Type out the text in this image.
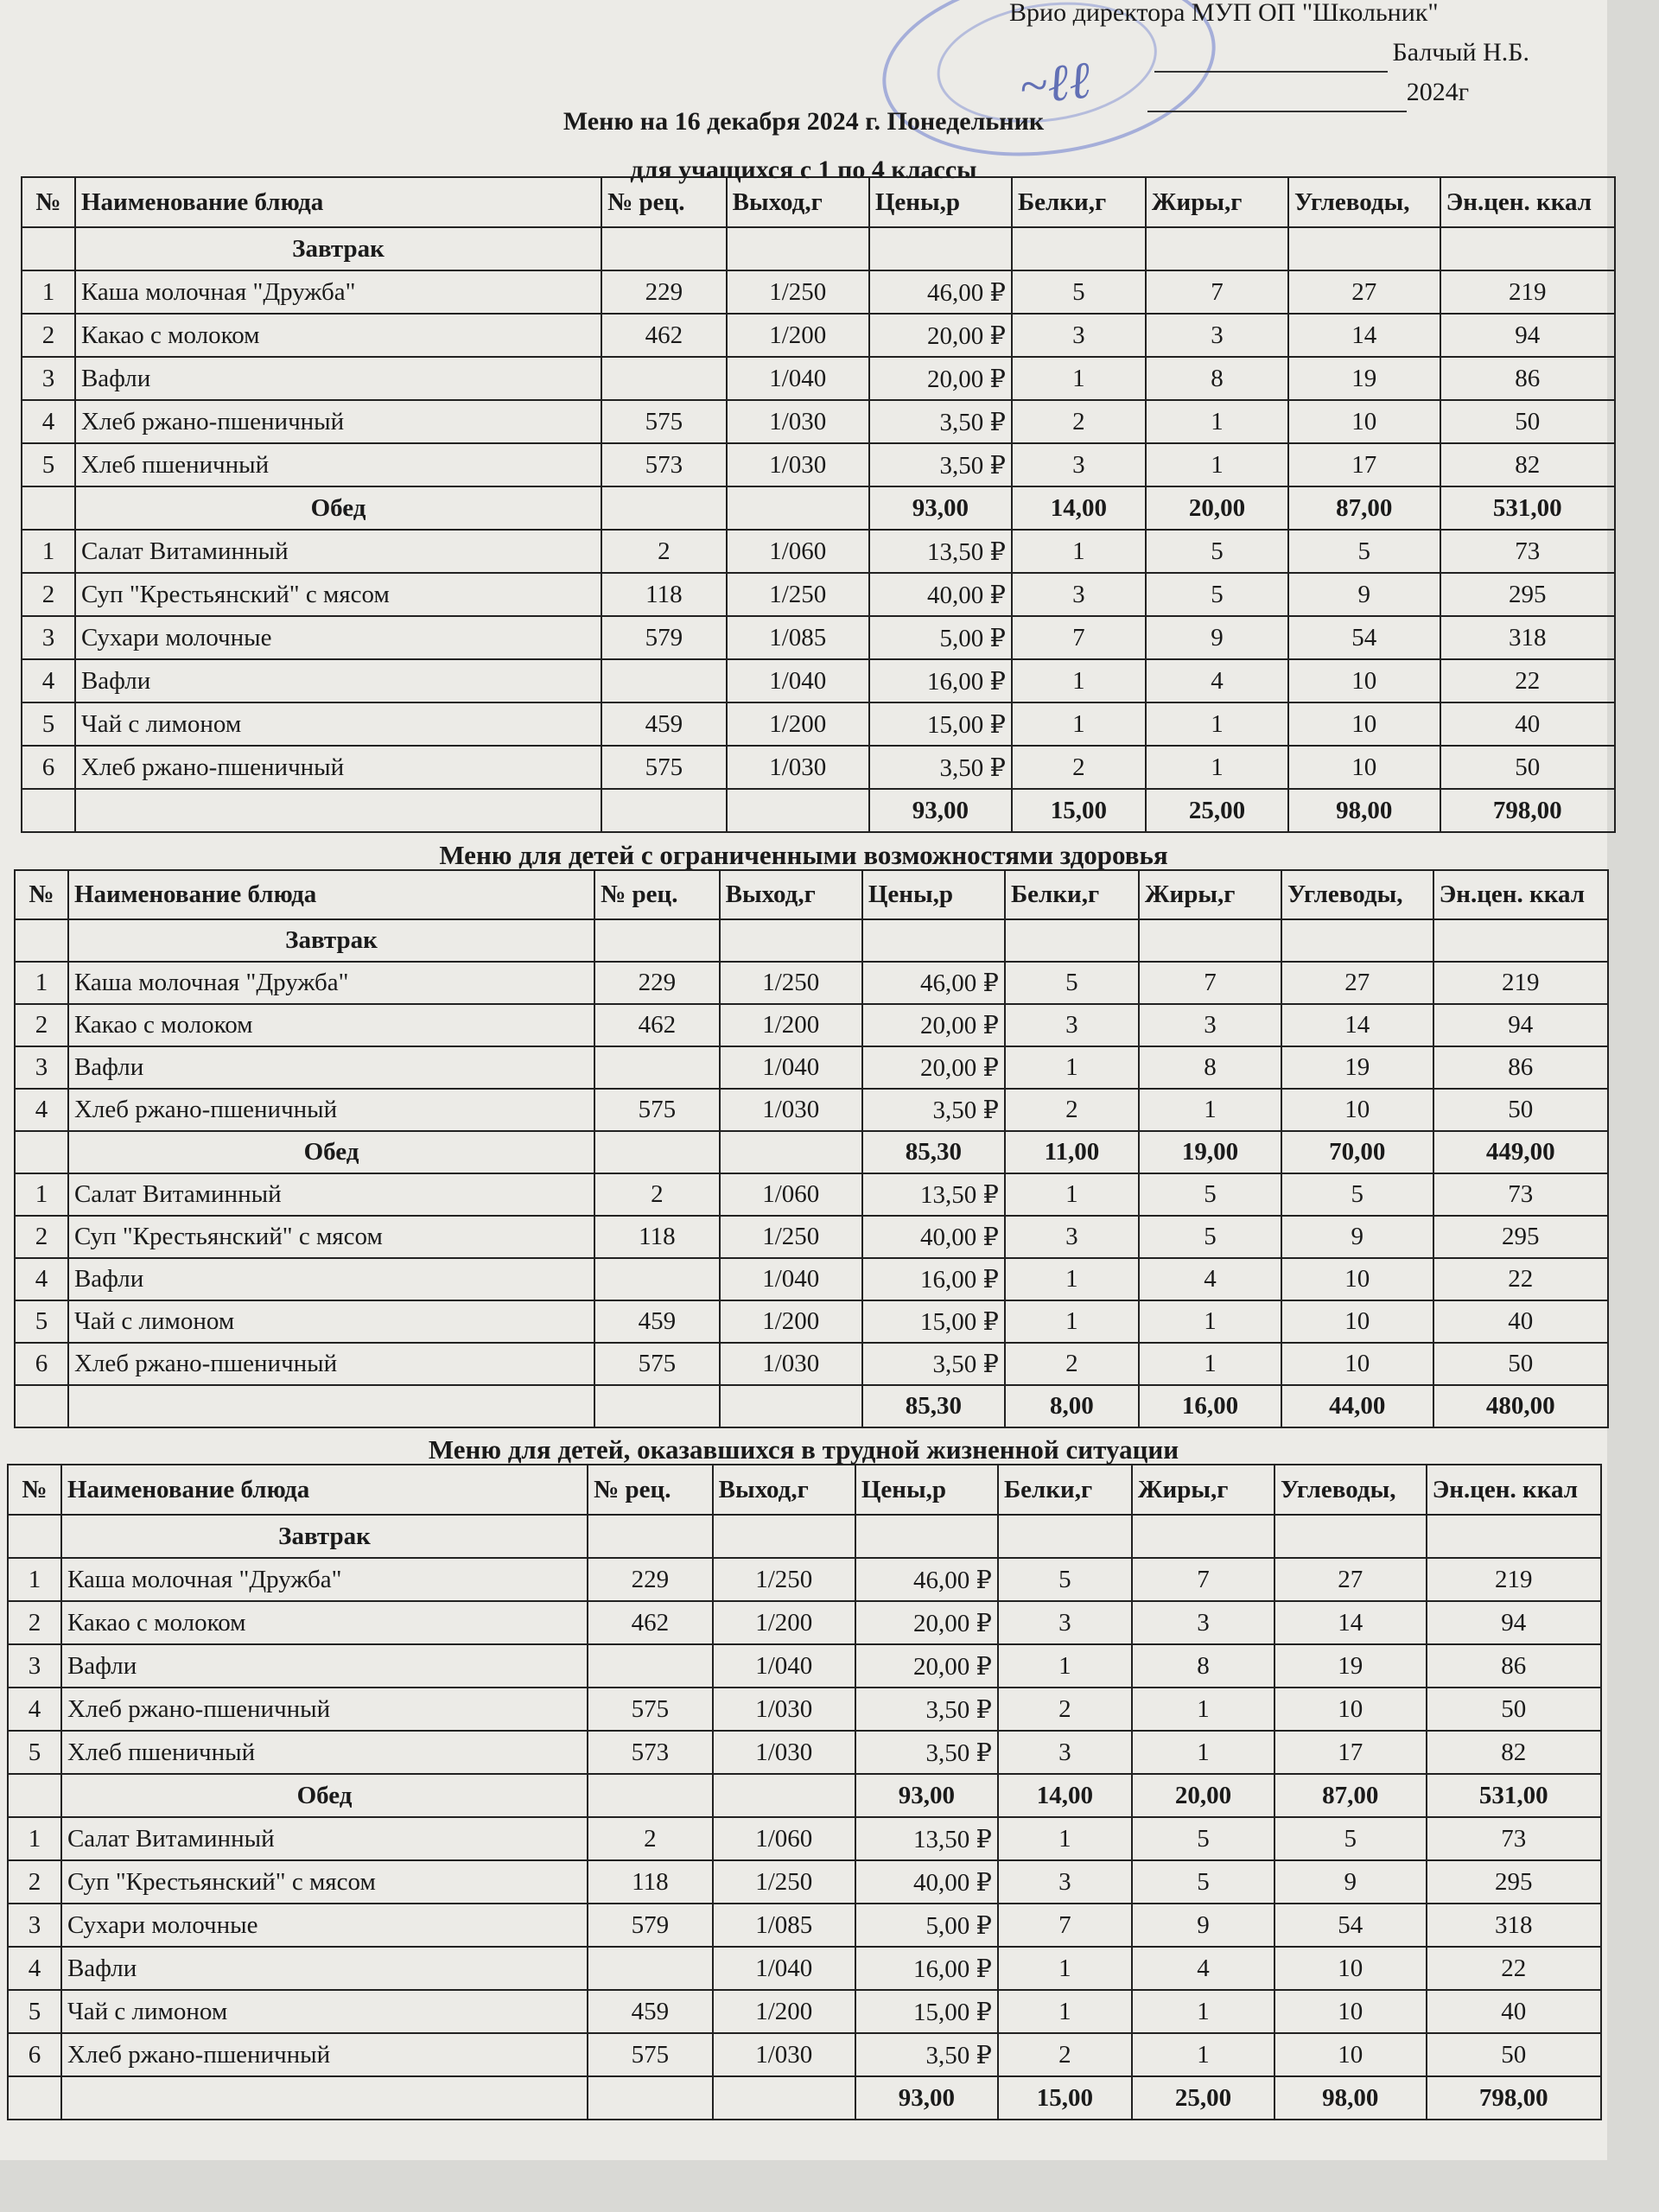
~ℓℓ
Врио директора МУП ОП "Школьник"
Балчый Н.Б.
2024г
Меню на 16 декабря 2024 г. Понедельник
для учащихся с 1 по 4 классы
№	Наименование блюда	№ рец.	Выход,г	Цены,р	Белки,г	Жиры,г	Углеводы,	Эн.цен. ккал
	Завтрак							
1	Каша молочная "Дружба"	229	1/250	46,00 ₽	5	7	27	219
2	Какао с молоком	462	1/200	20,00 ₽	3	3	14	94
3	Вафли		1/040	20,00 ₽	1	8	19	86
4	Хлеб ржано-пшеничный	575	1/030	3,50 ₽	2	1	10	50
5	Хлеб пшеничный	573	1/030	3,50 ₽	3	1	17	82
	Обед			93,00	14,00	20,00	87,00	531,00
1	Салат Витаминный	2	1/060	13,50 ₽	1	5	5	73
2	Суп "Крестьянский" с мясом	118	1/250	40,00 ₽	3	5	9	295
3	Сухари молочные	579	1/085	5,00 ₽	7	9	54	318
4	Вафли		1/040	16,00 ₽	1	4	10	22
5	Чай с лимоном	459	1/200	15,00 ₽	1	1	10	40
6	Хлеб ржано-пшеничный	575	1/030	3,50 ₽	2	1	10	50
				93,00	15,00	25,00	98,00	798,00
Меню для детей с ограниченными возможностями здоровья
№	Наименование блюда	№ рец.	Выход,г	Цены,р	Белки,г	Жиры,г	Углеводы,	Эн.цен. ккал
	Завтрак							
1	Каша молочная "Дружба"	229	1/250	46,00 ₽	5	7	27	219
2	Какао с молоком	462	1/200	20,00 ₽	3	3	14	94
3	Вафли		1/040	20,00 ₽	1	8	19	86
4	Хлеб ржано-пшеничный	575	1/030	3,50 ₽	2	1	10	50
	Обед			85,30	11,00	19,00	70,00	449,00
1	Салат Витаминный	2	1/060	13,50 ₽	1	5	5	73
2	Суп "Крестьянский" с мясом	118	1/250	40,00 ₽	3	5	9	295
4	Вафли		1/040	16,00 ₽	1	4	10	22
5	Чай с лимоном	459	1/200	15,00 ₽	1	1	10	40
6	Хлеб ржано-пшеничный	575	1/030	3,50 ₽	2	1	10	50
				85,30	8,00	16,00	44,00	480,00
Меню для детей, оказавшихся в трудной жизненной ситуации
№	Наименование блюда	№ рец.	Выход,г	Цены,р	Белки,г	Жиры,г	Углеводы,	Эн.цен. ккал
	Завтрак							
1	Каша молочная "Дружба"	229	1/250	46,00 ₽	5	7	27	219
2	Какао с молоком	462	1/200	20,00 ₽	3	3	14	94
3	Вафли		1/040	20,00 ₽	1	8	19	86
4	Хлеб ржано-пшеничный	575	1/030	3,50 ₽	2	1	10	50
5	Хлеб пшеничный	573	1/030	3,50 ₽	3	1	17	82
	Обед			93,00	14,00	20,00	87,00	531,00
1	Салат Витаминный	2	1/060	13,50 ₽	1	5	5	73
2	Суп "Крестьянский" с мясом	118	1/250	40,00 ₽	3	5	9	295
3	Сухари молочные	579	1/085	5,00 ₽	7	9	54	318
4	Вафли		1/040	16,00 ₽	1	4	10	22
5	Чай с лимоном	459	1/200	15,00 ₽	1	1	10	40
6	Хлеб ржано-пшеничный	575	1/030	3,50 ₽	2	1	10	50
				93,00	15,00	25,00	98,00	798,00
